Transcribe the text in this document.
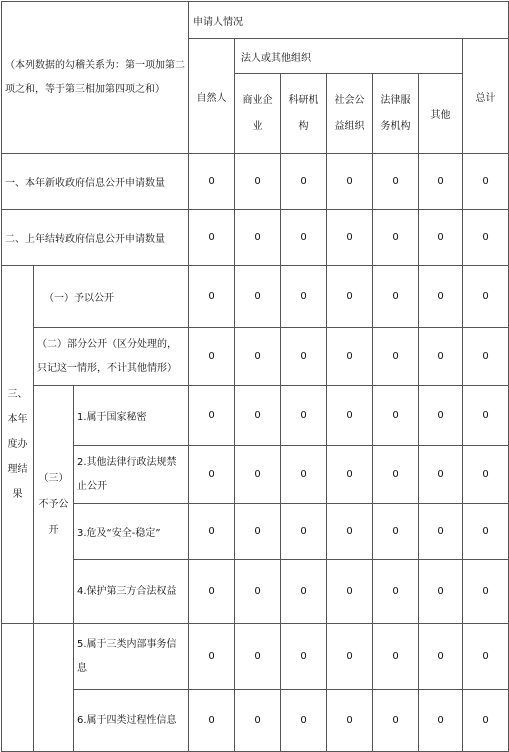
（本列数据的勾稽关系为：第一项加第二项之和，等于第三相加第四项之和）			申请人情况						
			自然人	法人或其他组织					总计
				商业企业	科研机构	社会公益组织	法律服务机构	其他	
一、本年新收政府信息公开申请数量			0	0	0	0	0	0	0
二、上年结转政府信息公开申请数量			0	0	0	0	0	0	0
三、本年度办理结果	（一）予以公开		0	0	0	0	0	0	0
	（二）部分公开（区分处理的，只记这一情形，不计其他情形）		0	0	0	0	0	0	0
	（三）不予公开	1.属于国家秘密	0	0	0	0	0	0	0
		2.其他法律行政法规禁止公开	0	0	0	0	0	0	0
		3.危及“安全-稳定”	0	0	0	0	0	0	0
		4.保护第三方合法权益	0	0	0	0	0	0	0
		5.属于三类内部事务信息	0	0	0	0	0	0	0
		6.属于四类过程性信息	0	0	0	0	0	0	0
